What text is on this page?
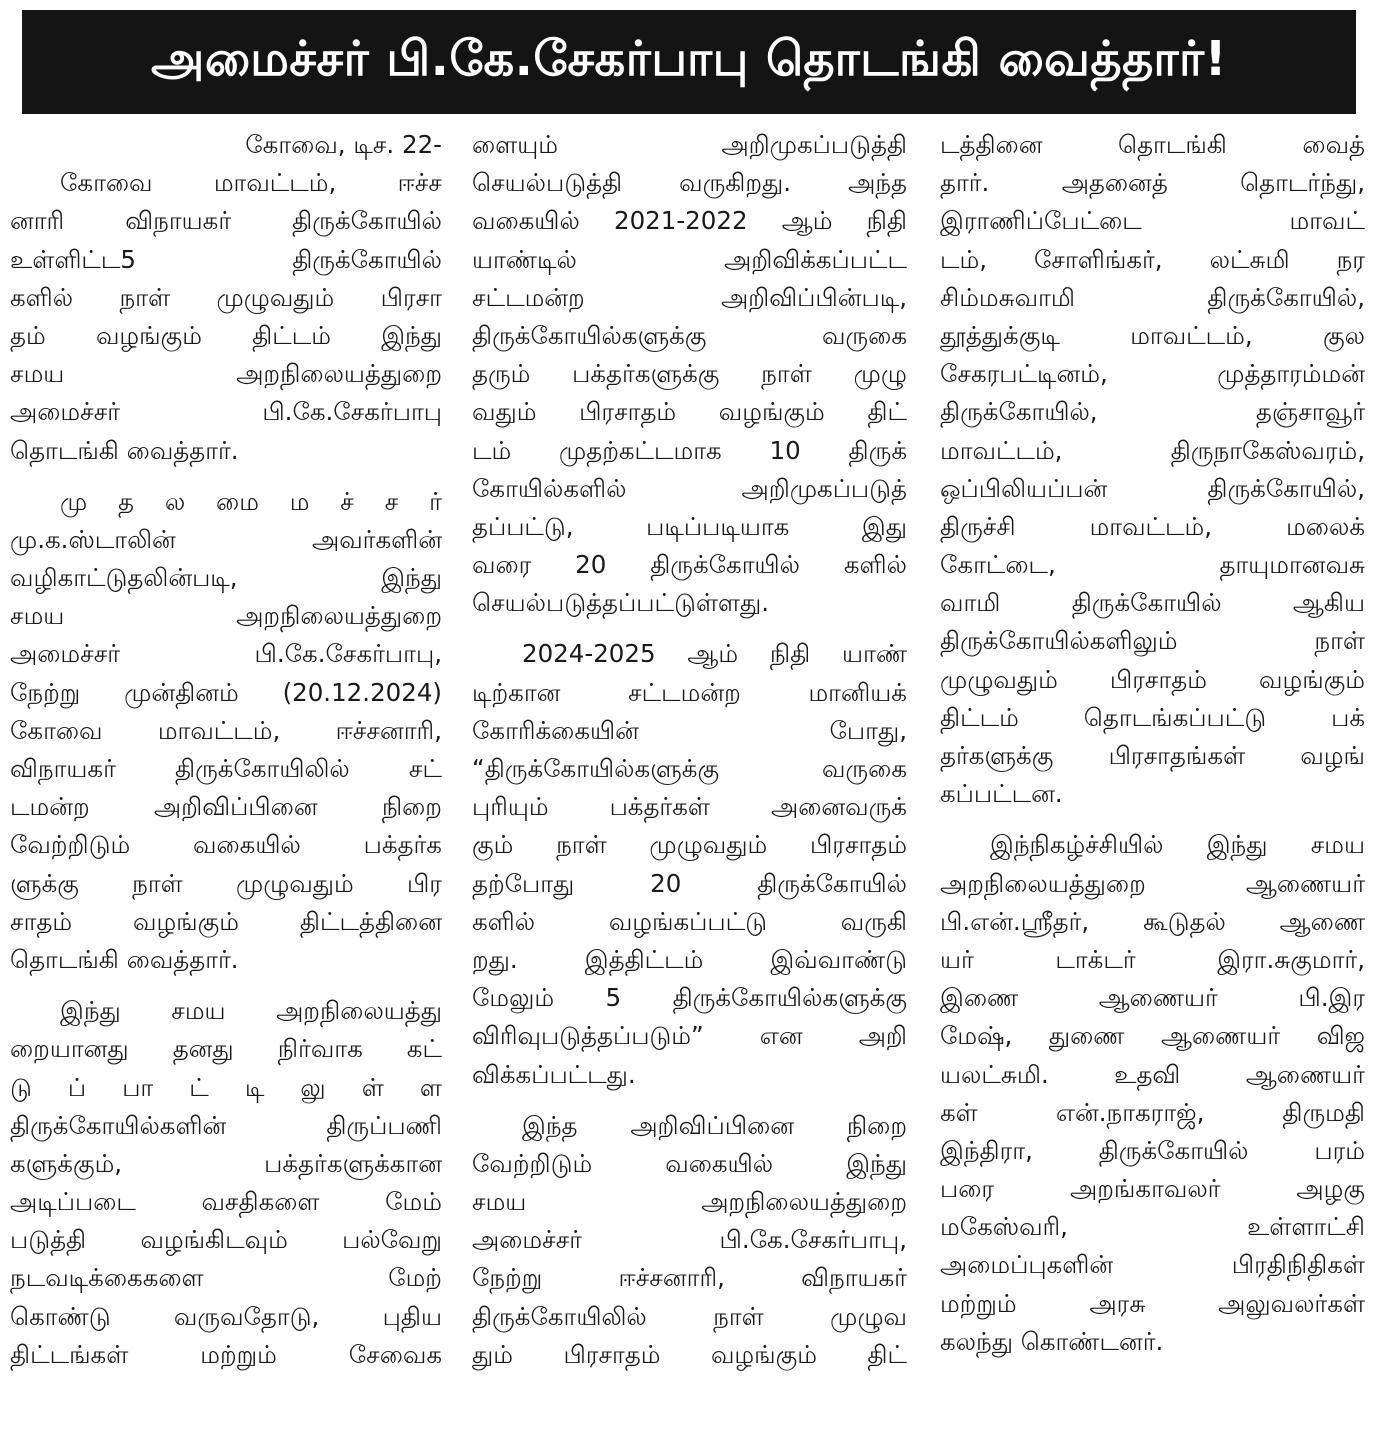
அமைச்சர் பி.கே.சேகர்பாபு தொடங்கி வைத்தார்!
கோவை, டிச. 22-
கோவை	மாவட்டம்,	ஈச்ச
னாரி விநாயகர் திருக்கோயில்
உள்ளிட்ட5	திருக்கோயில்
களில் நாள் முழுவதும் பிரசா
தம் வழங்கும் திட்டம் இந்து
சமய	அறநிலையத்துறை
அமைச்சர்	பி.கே.சேகர்பாபு
தொடங்கி வைத்தார்.
மு த ல மை ம ச் ச ர்
மு.க.ஸ்டாலின்	அவர்களின்
வழிகாட்டுதலின்படி,	இந்து
சமய	அறநிலையத்துறை
அமைச்சர்	பி.கே.சேகர்பாபு,
நேற்று முன்தினம் (20.12.2024)
கோவை மாவட்டம், ஈச்சனாரி,
விநாயகர் திருக்கோயிலில் சட்
டமன்ற	அறிவிப்பினை	நிறை
வேற்றிடும்	வகையில்	பக்தர்க
ளுக்கு நாள் முழுவதும் பிர
சாதம் வழங்கும் திட்டத்தினை
தொடங்கி வைத்தார்.
இந்து சமய அறநிலையத்து
றையானது தனது நிர்வாக கட்
டு ப் பா ட் டி லு ள் ள
திருக்கோயில்களின்	திருப்பணி
களுக்கும்,	பக்தர்களுக்கான
அடிப்படை	வசதிகளை	மேம்
படுத்தி வழங்கிடவும் பல்வேறு
நடவடிக்கைகளை	மேற்
கொண்டு	வருவதோடு,	புதிய
திட்டங்கள்	மற்றும்	சேவைக
ளையும்	அறிமுகப்படுத்தி
செயல்படுத்தி வருகிறது. அந்த
வகையில் 2021-2022 ஆம் நிதி
யாண்டில்	அறிவிக்கப்பட்ட
சட்டமன்ற	அறிவிப்பின்படி,
திருக்கோயில்களுக்கு	வருகை
தரும் பக்தர்களுக்கு நாள் முழு
வதும் பிரசாதம் வழங்கும் திட்
டம் முதற்கட்டமாக 10 திருக்
கோயில்களில்	அறிமுகப்படுத்
தப்பட்டு,	படிப்படியாக	இது
வரை 20 திருக்கோயில் களில்
செயல்படுத்தப்பட்டுள்ளது.
2024-2025 ஆம் நிதி யாண்
டிற்கான	சட்டமன்ற	மானியக்
கோரிக்கையின்	போது,
“திருக்கோயில்களுக்கு	வருகை
புரியும் பக்தர்கள் அனைவருக்
கும் நாள் முழுவதும் பிரசாதம்
தற்போது	20	திருக்கோயில்
களில்	வழங்கப்பட்டு	வருகி
றது.	இத்திட்டம்	இவ்வாண்டு
மேலும் 5 திருக்கோயில்களுக்கு
விரிவுபடுத்தப்படும்” என அறி
விக்கப்பட்டது.
இந்த அறிவிப்பினை நிறை
வேற்றிடும்	வகையில்	இந்து
சமய	அறநிலையத்துறை
அமைச்சர்	பி.கே.சேகர்பாபு,
நேற்று	ஈச்சனாரி,	விநாயகர்
திருக்கோயிலில்	நாள்	முழுவ
தும் பிரசாதம் வழங்கும் திட்
டத்தினை	தொடங்கி	வைத்
தார்.	அதனைத்	தொடர்ந்து,
இராணிப்பேட்டை	மாவட்
டம், சோளிங்கர், லட்சுமி நர
சிம்மசுவாமி	திருக்கோயில்,
தூத்துக்குடி	மாவட்டம்,	குல
சேகரபட்டினம்,	முத்தாரம்மன்
திருக்கோயில்,	தஞ்சாவூர்
மாவட்டம்,	திருநாகேஸ்வரம்,
ஒப்பிலியப்பன்	திருக்கோயில்,
திருச்சி	மாவட்டம்,	மலைக்
கோட்டை,	தாயுமானவசு
வாமி	திருக்கோயில்	ஆகிய
திருக்கோயில்களிலும்	நாள்
முழுவதும் பிரசாதம் வழங்கும்
திட்டம்	தொடங்கப்பட்டு	பக்
தர்களுக்கு பிரசாதங்கள் வழங்
கப்பட்டன.
இந்நிகழ்ச்சியில் இந்து சமய
அறநிலையத்துறை	ஆணையர்
பி.என்.ஸ்ரீதர், கூடுதல் ஆணை
யர்	டாக்டர்	இரா.சுகுமார்,
இணை	ஆணையர்	பி.இர
மேஷ், துணை ஆணையர் விஜ
யலட்சுமி.	உதவி	ஆணையர்
கள்	என்.நாகராஜ்,	திருமதி
இந்திரா,	திருக்கோயில்	பரம்
பரை	அறங்காவலர்	அழகு
மகேஸ்வரி,	உள்ளாட்சி
அமைப்புகளின்	பிரதிநிதிகள்
மற்றும்	அரசு	அலுவலர்கள்
கலந்து கொண்டனர்.
